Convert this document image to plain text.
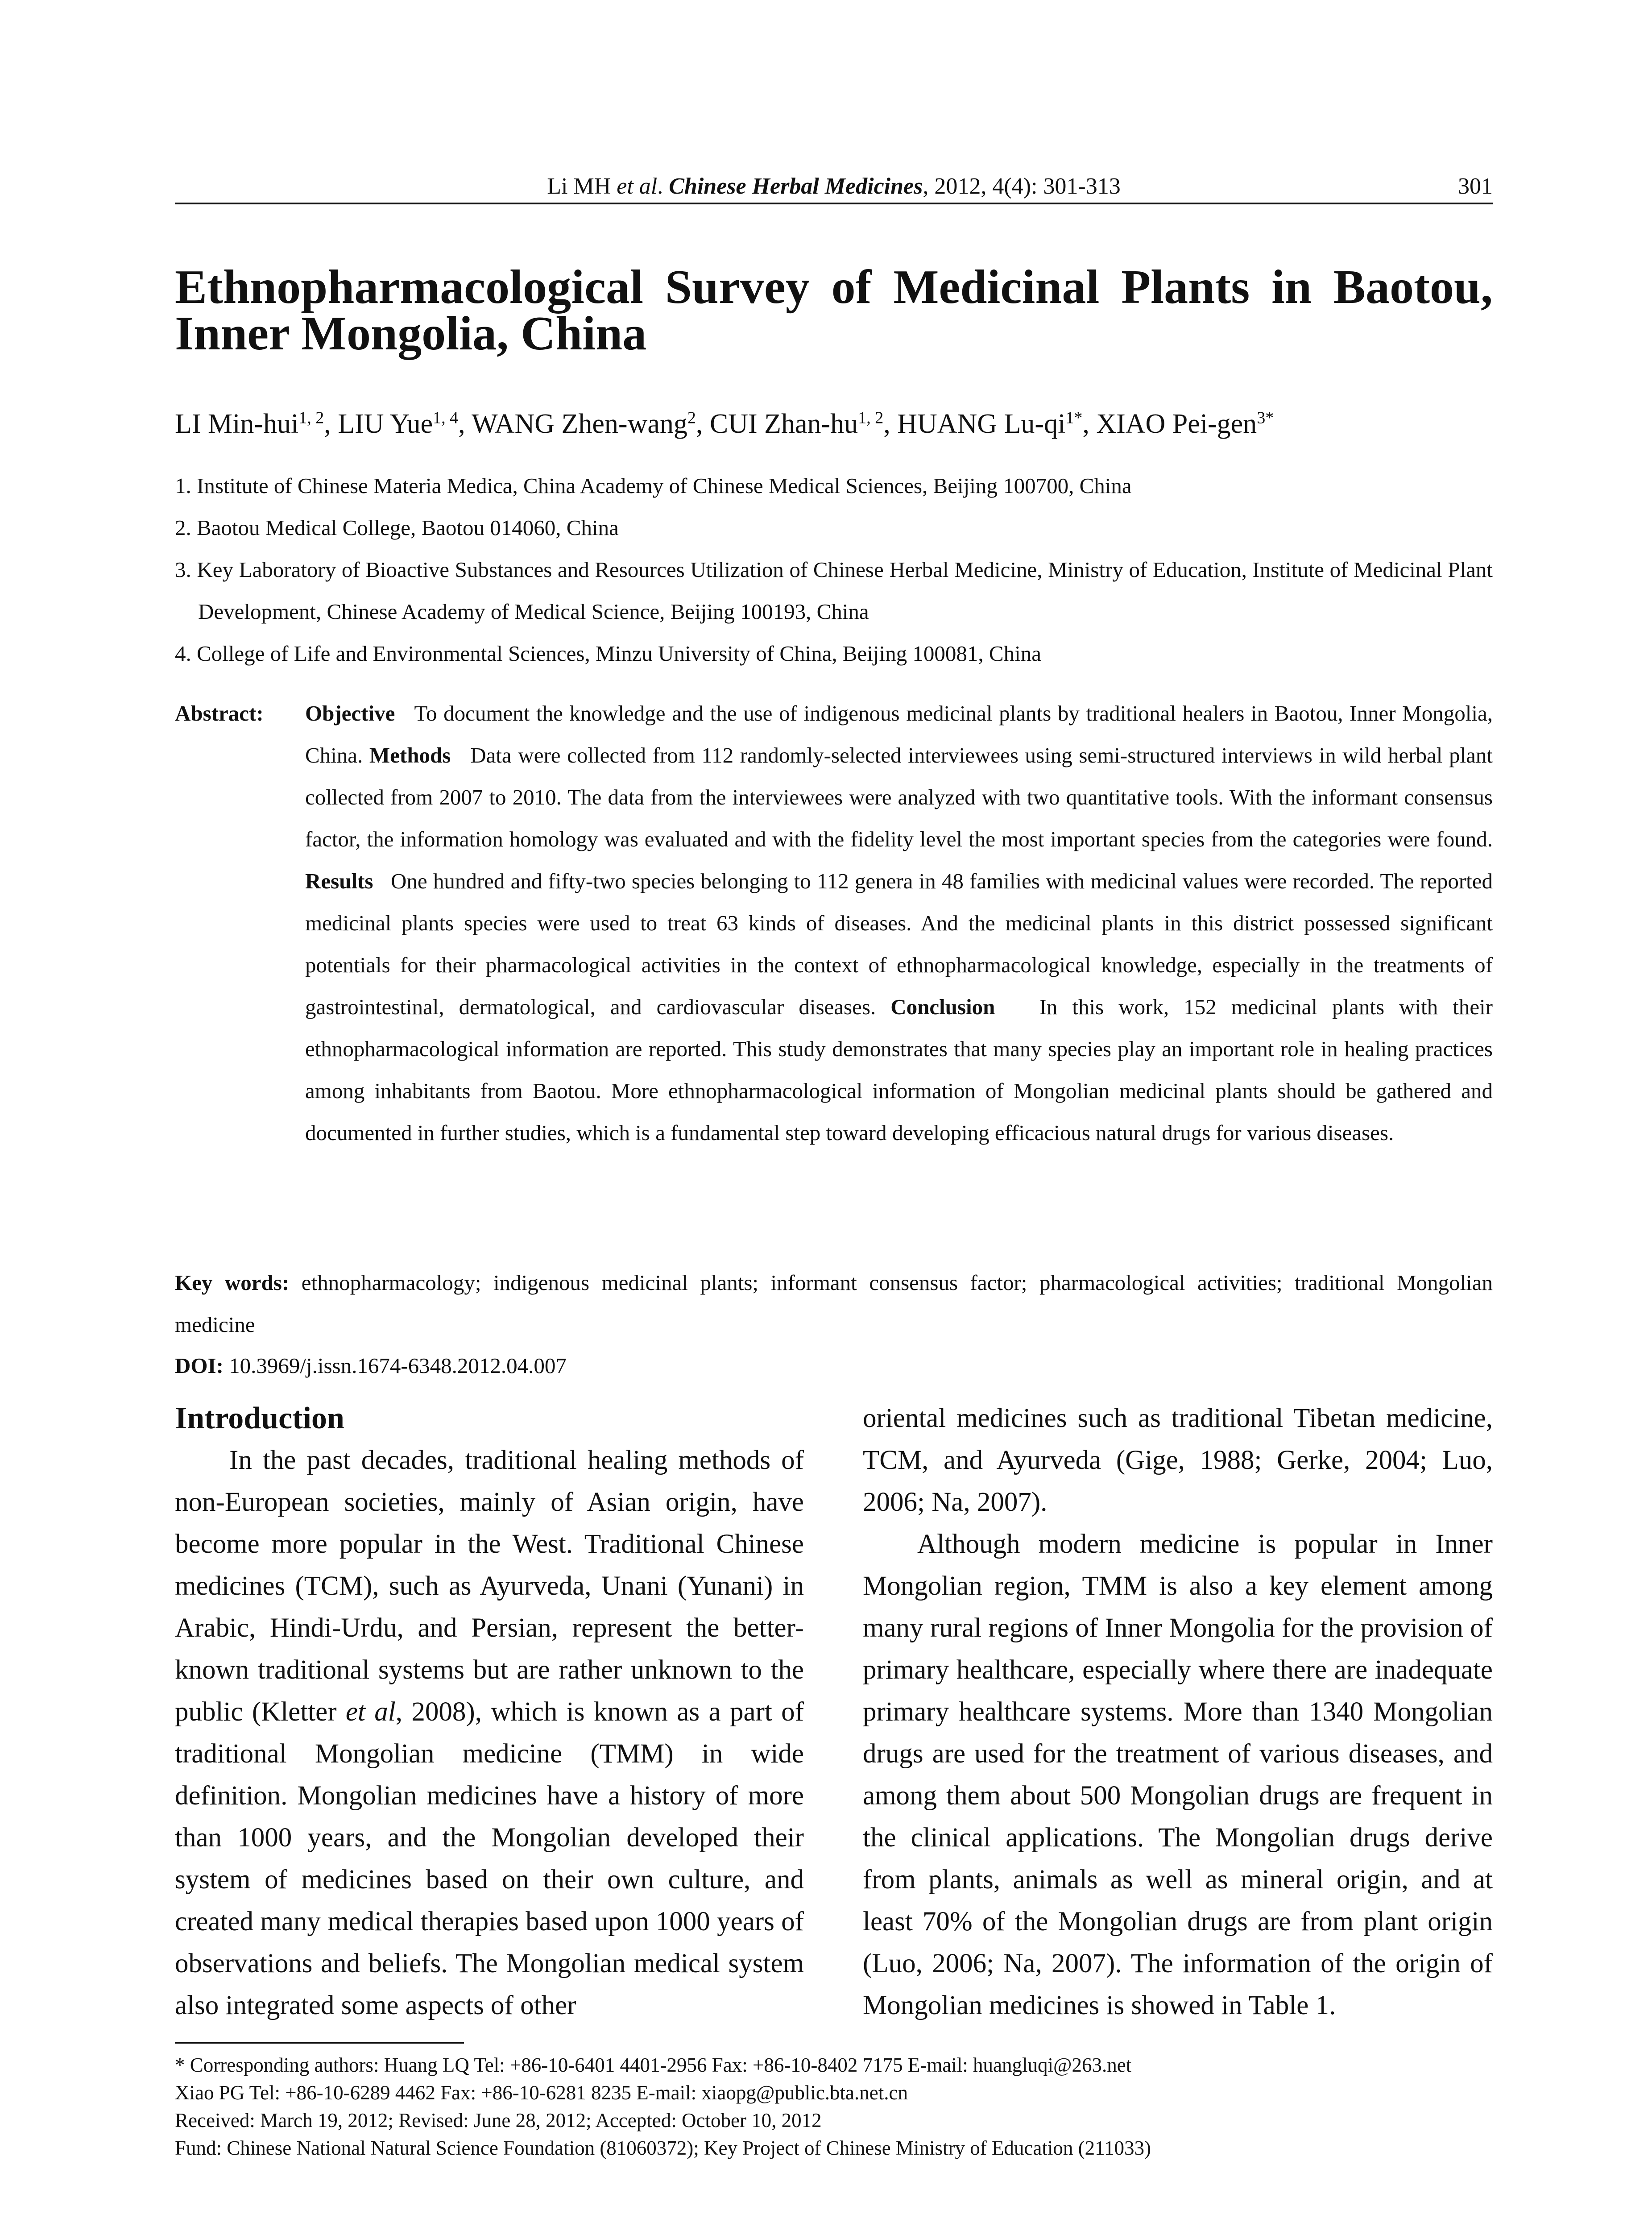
Li MH et al. Chinese Herbal Medicines, 2012, 4(4): 301-313	301
Ethnopharmacological Survey of Medicinal Plants in Baotou, Inner Mongolia, China
LI Min-hui$^{1, 2}$, LIU Yue$^{1, 4}$, WANG Zhen-wang$^2$, CUI Zhan-hu$^{1, 2}$, HUANG $Lu-qi^{1*}$, XIAO Pei-gen$^{3*}$
1. Institute of Chinese Materia Medica, China Academy of Chinese Medical Sciences, Beijing 100700, China
2. Baotou Medical College, Baotou 014060, China
3. Key Laboratory of Bioactive Substances and Resources Utilization of Chinese Herbal Medicine, Ministry of Education, Institute of Medicinal Plant Development, Chinese Academy of Medical Science, Beijing 100193, China
4. College of Life and Environmental Sciences, Minzu University of China, Beijing 100081, China
Abstract: Objective To document the knowledge and the use of indigenous medicinal plants by traditional healers in Baotou, Inner Mongolia, China. Methods Data were collected from 112 randomly-selected interviewees using semi-structured interviews in wild herbal plant collected from 2007 to 2010. The data from the interviewees were analyzed with two quantitative tools. With the informant consensus factor, the information homology was evaluated and with the fidelity level the most important species from the categories were found. Results One hundred and fifty-two species belonging to 112 genera in 48 families with medicinal values were recorded. The reported medicinal plants species were used to treat 63 kinds of diseases. And the medicinal plants in this district possessed significant potentials for their pharmacological activities in the context of ethnopharmacological knowledge, especially in the treatments of gastrointestinal, dermatological, and cardiovascular diseases. Conclusion In this work, 152 medicinal plants with their ethnopharmacological information are reported. This study demonstrates that many species play an important role in healing practices among inhabitants from Baotou. More ethnopharmacological information of Mongolian medicinal plants should be gathered and documented in further studies, which is a fundamental step toward developing efficacious natural drugs for various diseases.
Key words: ethnopharmacology; indigenous medicinal plants; informant consensus factor; pharmacological activities; traditional Mongolian medicine
DOI: 10.3969/j.issn.1674-6348.2012.04.007
Introduction

In the past decades, traditional healing methods of non-European societies, mainly of Asian origin, have become more popular in the West. Traditional Chinese medicines (TCM), such as Ayurveda, Unani (Yunani) in Arabic, Hindi-Urdu, and Persian, represent the better-known traditional systems but are rather unknown to the public (Kletter et al, 2008), which is known as a part of traditional Mongolian medicine (TMM) in wide definition. Mongolian medicines have a history of more than 1000 years, and the Mongolian developed their system of medicines based on their own culture, and created many medical therapies based upon 1000 years of observations and beliefs. The Mongolian medical system also integrated some aspects of other

oriental medicines such as traditional Tibetan medicine, TCM, and Ayurveda (Gige, 1988; Gerke, 2004; Luo, 2006; Na, 2007).

Although modern medicine is popular in Inner Mongolian region, TMM is also a key element among many rural regions of Inner Mongolia for the provision of primary healthcare, especially where there are inadequate primary healthcare systems. More than 1340 Mongolian drugs are used for the treatment of various diseases, and among them about 500 Mongolian drugs are frequent in the clinical applications. The Mongolian drugs derive from plants, animals as well as mineral origin, and at least 70% of the Mongolian drugs are from plant origin (Luo, 2006; Na, 2007). The information of the origin of Mongolian medicines is showed in Table 1.

* Corresponding authors: Huang LQ Tel: +86-10-6401 4401-2956 Fax: +86-10-8402 7175 E-mail: huangluqi@263.net
Xiao PG Tel: +86-10-6289 4462 Fax: +86-10-6281 8235 E-mail: xiaopg@public.bta.net.cn
Received: March 19, 2012; Revised: June 28, 2012; Accepted: October 10, 2012
Fund: Chinese National Natural Science Foundation (81060372); Key Project of Chinese Ministry of Education (211033)
